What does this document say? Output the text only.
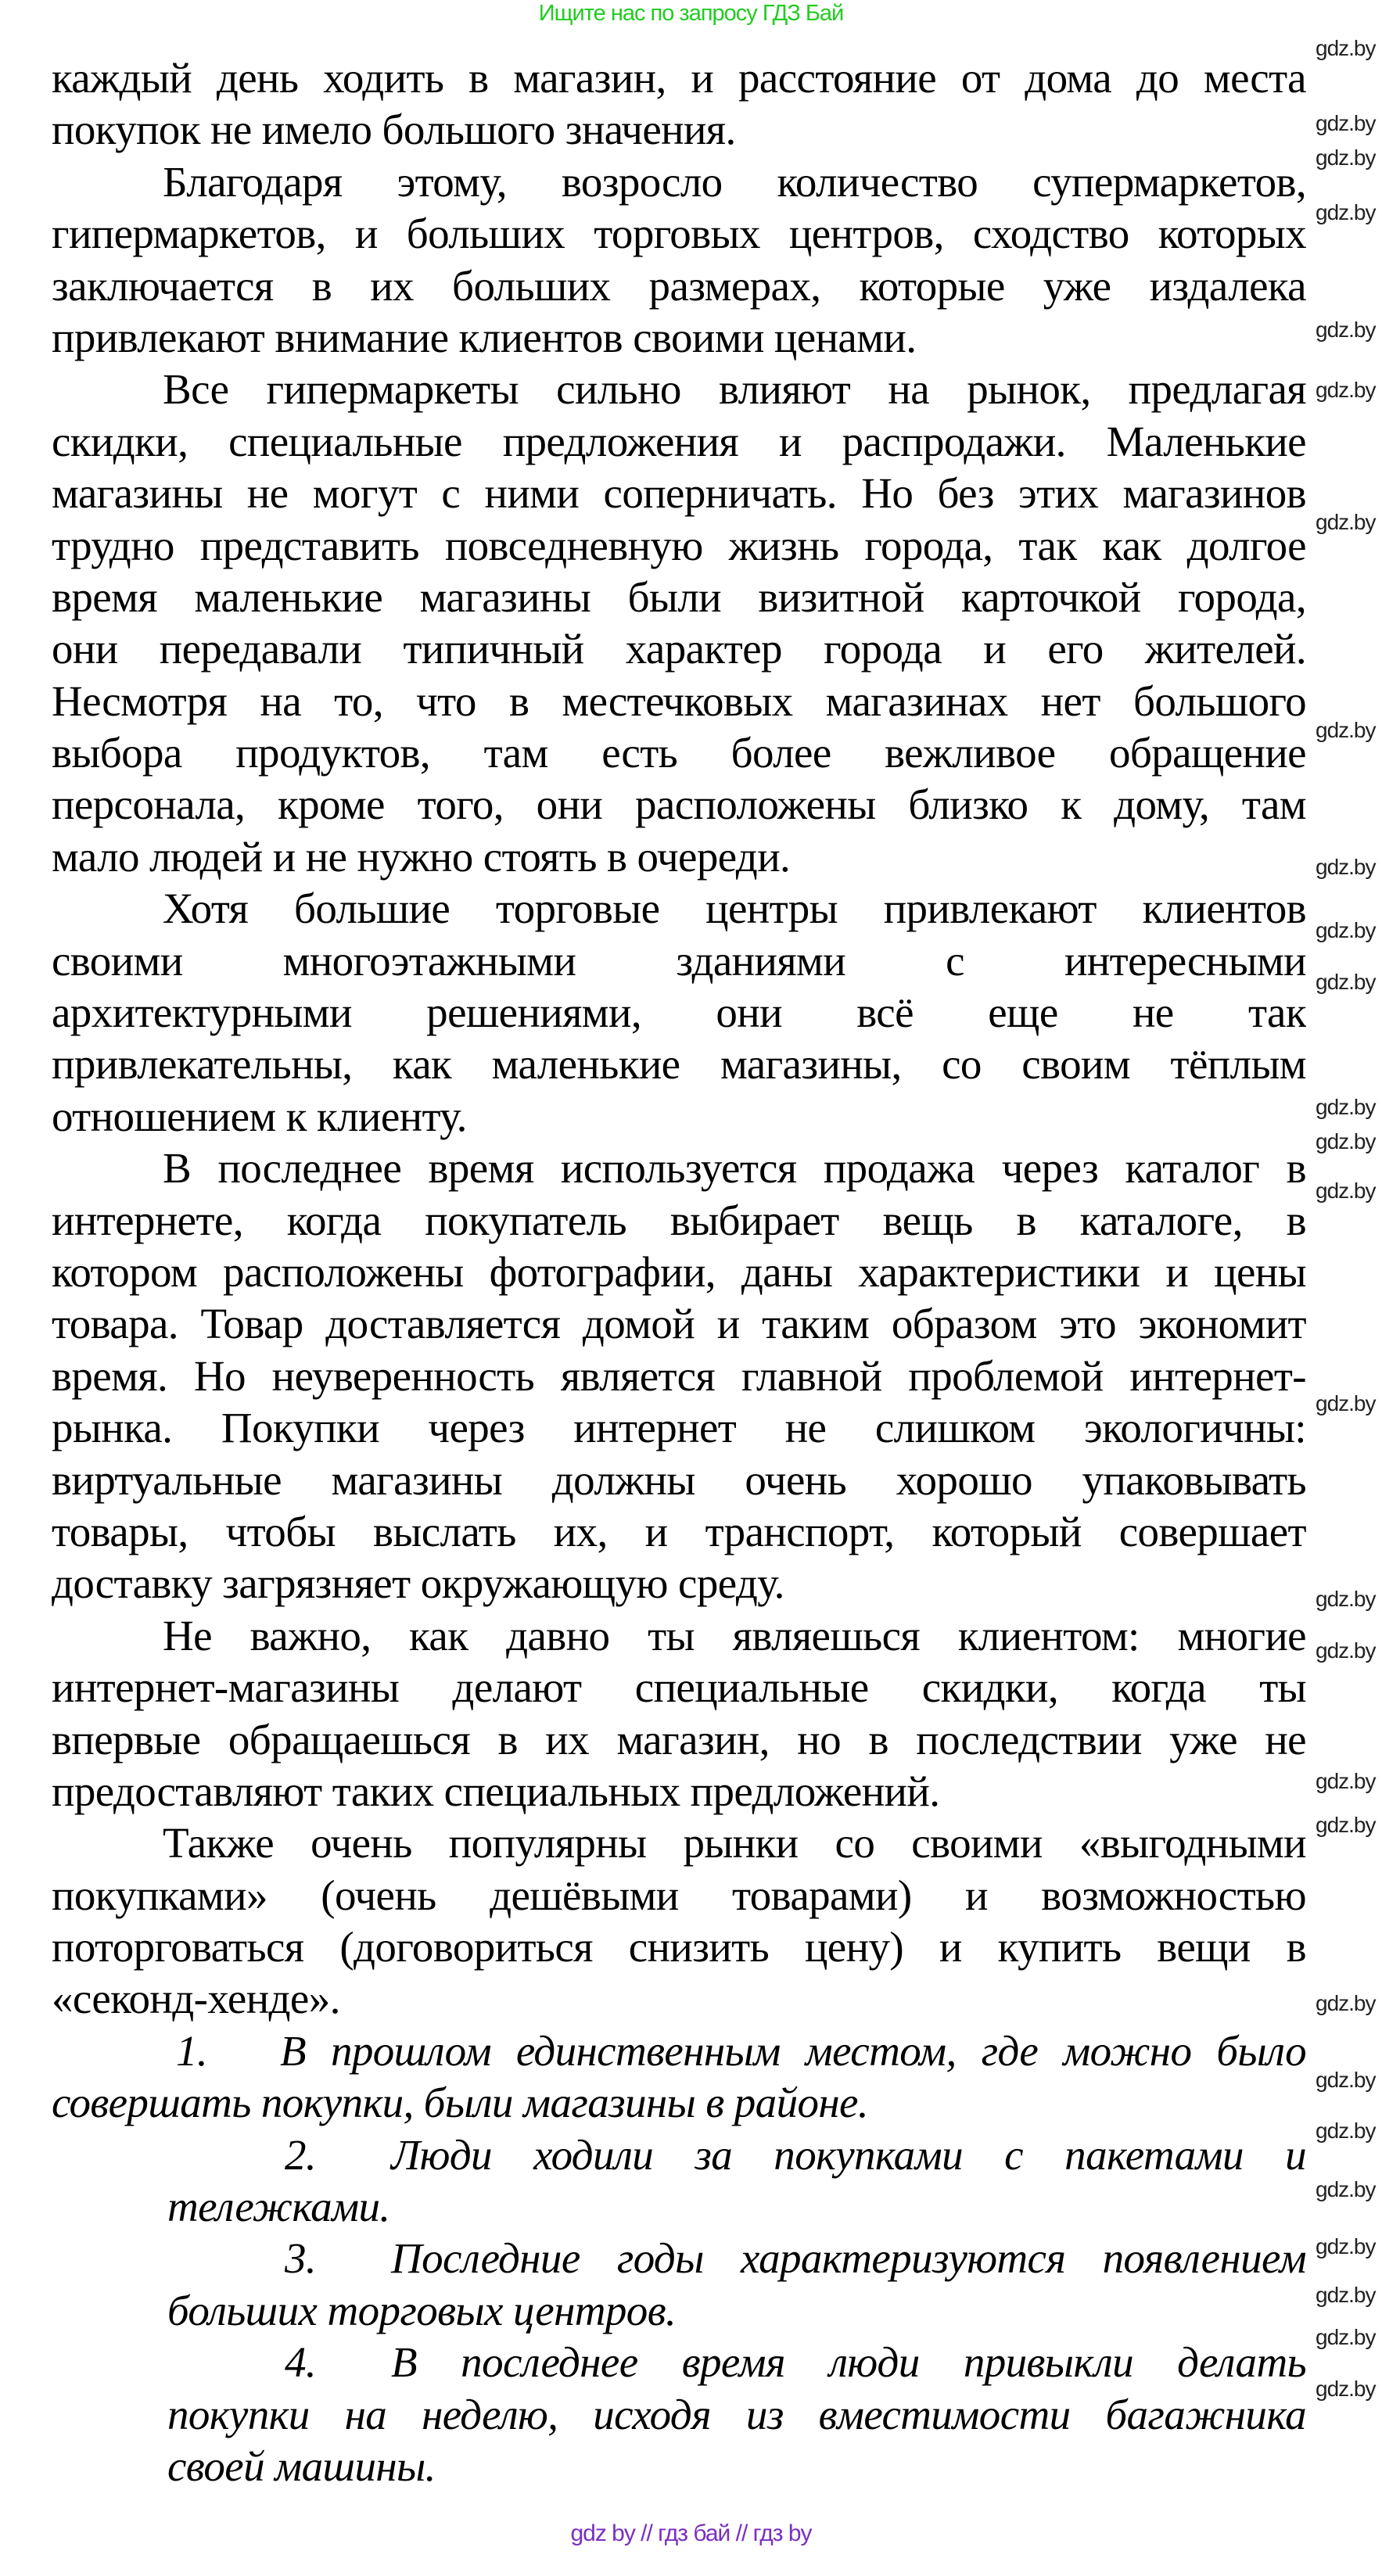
Ищите нас по запросу ГДЗ Бай
каждый день ходить в магазин, и расстояние от дома до места
покупок не имело большого значения.
Благодаря этому, возросло количество супермаркетов,
гипермаркетов, и больших торговых центров, сходство которых
заключается в их больших размерах, которые уже издалека
привлекают внимание клиентов своими ценами.
Все гипермаркеты сильно влияют на рынок, предлагая
скидки, специальные предложения и распродажи. Маленькие
магазины не могут с ними соперничать. Но без этих магазинов
трудно представить повседневную жизнь города, так как долгое
время маленькие магазины были визитной карточкой города,
они передавали типичный характер города и его жителей.
Несмотря на то, что в местечковых магазинах нет большого
выбора продуктов, там есть более вежливое обращение
персонала, кроме того, они расположены близко к дому, там
мало людей и не нужно стоять в очереди.
Хотя большие торговые центры привлекают клиентов
своими многоэтажными зданиями с интересными
архитектурными решениями, они всё еще не так
привлекательны, как маленькие магазины, со своим тёплым
отношением к клиенту.
В последнее время используется продажа через каталог в
интернете, когда покупатель выбирает вещь в каталоге, в
котором расположены фотографии, даны характеристики и цены
товара. Товар доставляется домой и таким образом это экономит
время. Но неуверенность является главной проблемой интернет-
рынка. Покупки через интернет не слишком экологичны:
виртуальные магазины должны очень хорошо упаковывать
товары, чтобы выслать их, и транспорт, который совершает
доставку загрязняет окружающую среду.
Не важно, как давно ты являешься клиентом: многие
интернет-магазины делают специальные скидки, когда ты
впервые обращаешься в их магазин, но в последствии уже не
предоставляют таких специальных предложений.
Также очень популярны рынки со своими «выгодными
покупками» (очень дешёвыми товарами) и возможностью
поторговаться (договориться снизить цену) и купить вещи в
«секонд-хенде».
1. В прошлом единственным местом, где можно было
совершать покупки, были магазины в районе.
2. Люди ходили за покупками с пакетами и
тележками.
3. Последние годы характеризуются появлением
больших торговых центров.
4. В последнее время люди привыкли делать
покупки на неделю, исходя из вместимости багажника
своей машины.
gdz.by
gdz.by
gdz.by
gdz.by
gdz.by
gdz.by
gdz.by
gdz.by
gdz.by
gdz.by
gdz.by
gdz.by
gdz.by
gdz.by
gdz.by
gdz.by
gdz.by
gdz.by
gdz.by
gdz.by
gdz.by
gdz.by
gdz.by
gdz.by
gdz.by
gdz.by
gdz.by
gdz by // гдз бай // гдз by
